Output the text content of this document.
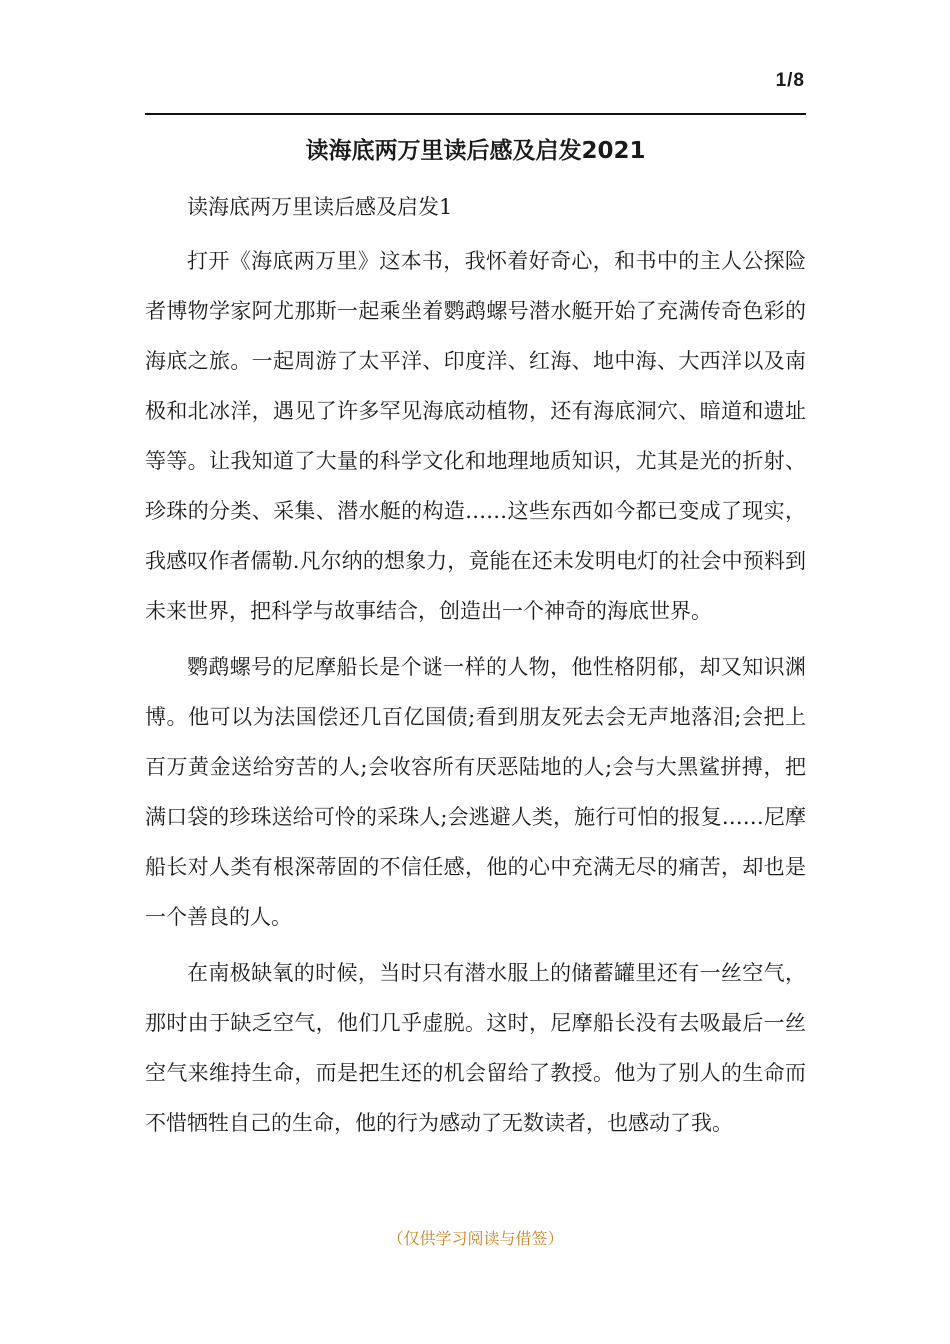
1/8
读海底两万里读后感及启发2021

读海底两万里读后感及启发1

打开《海底两万里》这本书，我怀着好奇心，和书中的主人公探险者博物学家阿尤那斯一起乘坐着鹦鹉螺号潜水艇开始了充满传奇色彩的海底之旅。一起周游了太平洋、印度洋、红海、地中海、大西洋以及南极和北冰洋，遇见了许多罕见海底动植物，还有海底洞穴、暗道和遗址等等。让我知道了大量的科学文化和地理地质知识，尤其是光的折射、珍珠的分类、采集、潜水艇的构造……这些东西如今都已变成了现实，我感叹作者儒勒.凡尔纳的想象力，竟能在还未发明电灯的社会中预料到未来世界，把科学与故事结合，创造出一个神奇的海底世界。

鹦鹉螺号的尼摩船长是个谜一样的人物，他性格阴郁，却又知识渊博。他可以为法国偿还几百亿国债;看到朋友死去会无声地落泪;会把上百万黄金送给穷苦的人;会收容所有厌恶陆地的人;会与大黑鲨拼搏，把满口袋的珍珠送给可怜的采珠人;会逃避人类，施行可怕的报复……尼摩船长对人类有根深蒂固的不信任感，他的心中充满无尽的痛苦，却也是一个善良的人。

在南极缺氧的时候，当时只有潜水服上的储蓄罐里还有一丝空气，那时由于缺乏空气，他们几乎虚脱。这时，尼摩船长没有去吸最后一丝空气来维持生命，而是把生还的机会留给了教授。他为了别人的生命而不惜牺牲自己的生命，他的行为感动了无数读者，也感动了我。

（仅供学习阅读与借签）
